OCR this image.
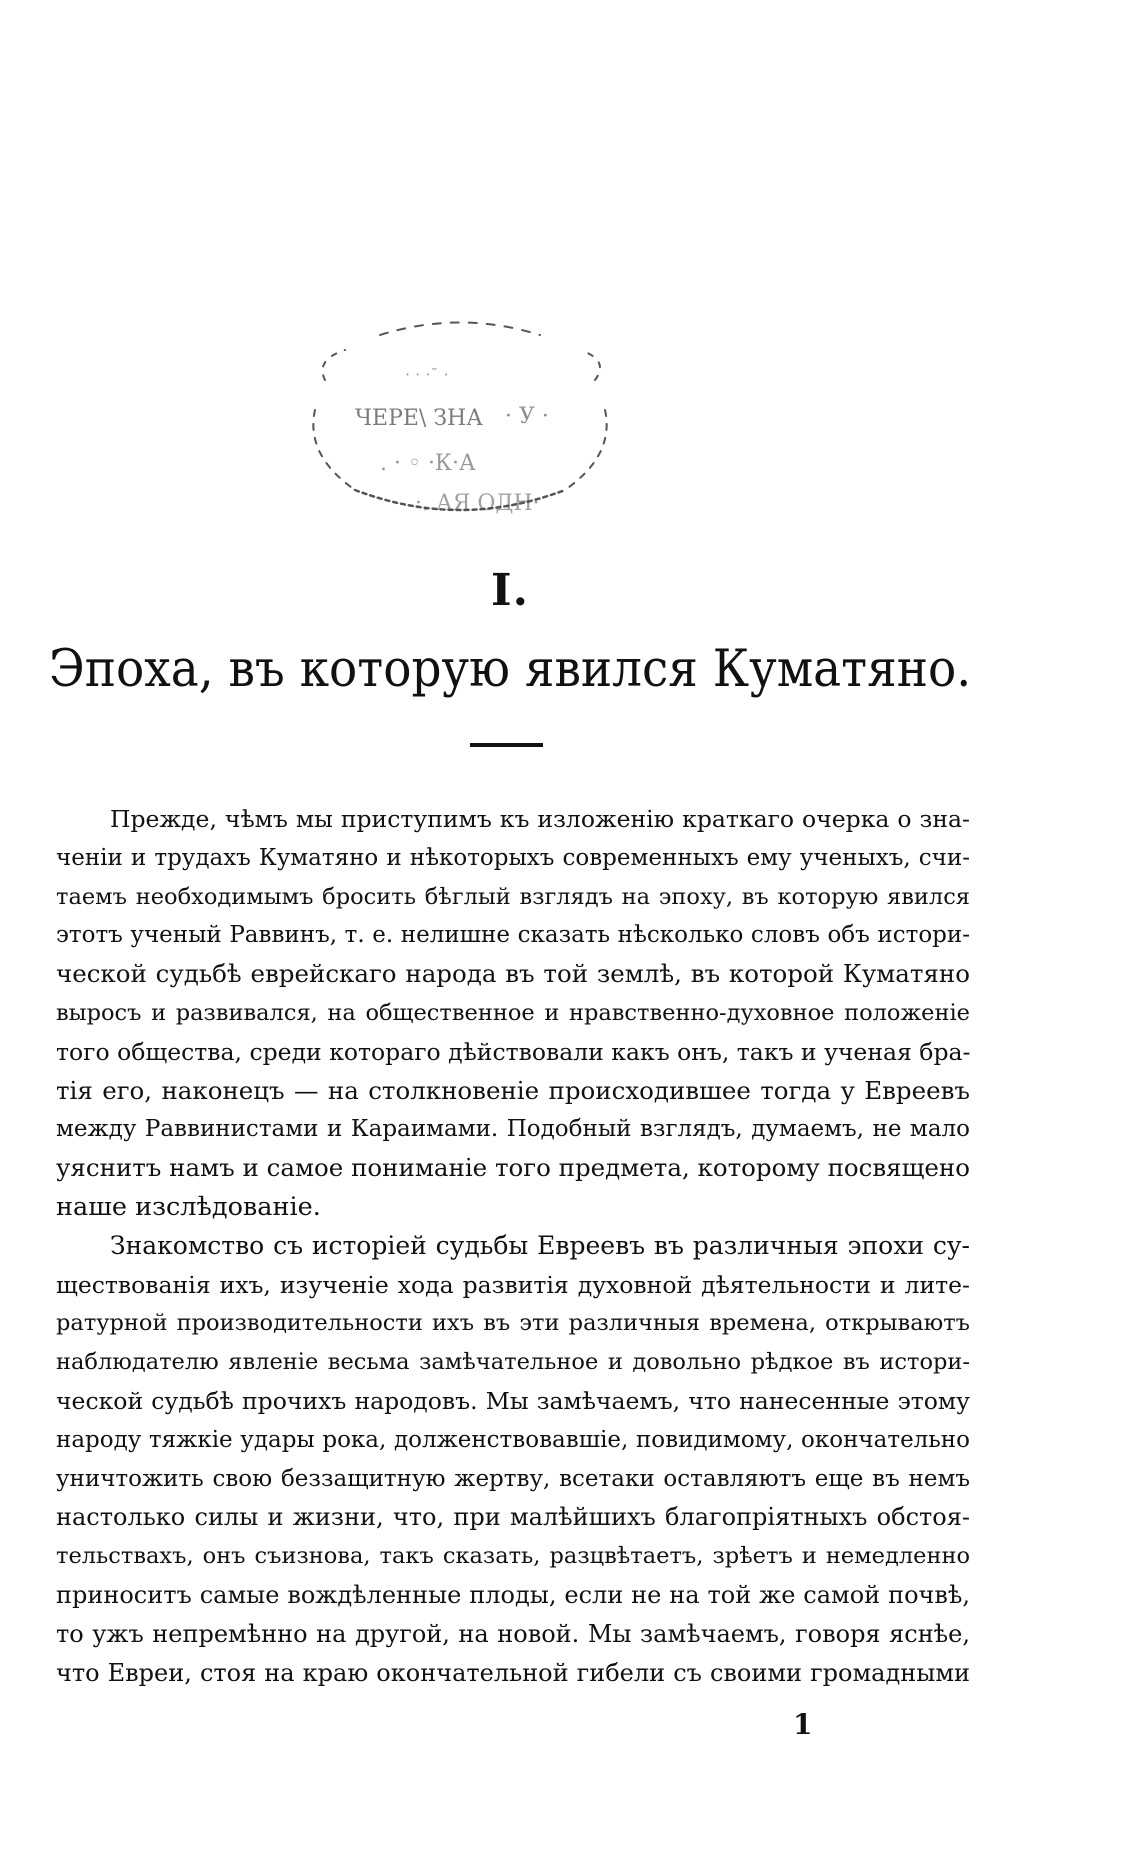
ЧЕРЕ\ ЗНА · У ·
. · ◦ ·К·А
·. АЯ ОДН·
· · ·ˉ ·
I.
Эпоха, въ которую явился Куматяно.

Прежде, чѣмъ мы приступимъ къ изложенiю краткаго очерка о зна-
ченiи и трудахъ Куматяно и нѣкоторыхъ современныхъ ему ученыхъ, счи-
таемъ необходимымъ бросить бѣглый взглядъ на эпоху, въ которую явился
этотъ ученый Раввинъ, т. е. нелишне сказать нѣсколько словъ объ истори-
ческой судьбѣ еврейскаго народа въ той землѣ, въ которой Куматяно
выросъ и развивался, на общественное и нравственно-духовное положенiе
того общества, среди котораго дѣйствовали какъ онъ, такъ и ученая бра-
тiя его, наконецъ — на столкновенiе происходившее тогда у Евреевъ
между Раввинистами и Караимами. Подобный взглядъ, думаемъ, не мало
уяснитъ намъ и самое пониманiе того предмета, которому посвящено
наше изслѣдованiе.

Знакомство съ исторiей судьбы Евреевъ въ различныя эпохи су-
ществованiя ихъ, изученiе хода развитiя духовной дѣятельности и лите-
ратурной производительности ихъ въ эти различныя времена, открываютъ
наблюдателю явленiе весьма замѣчательное и довольно рѣдкое въ истори-
ческой судьбѣ прочихъ народовъ. Мы замѣчаемъ, что нанесенные этому
народу тяжкiе удары рока, долженствовавшiе, повидимому, окончательно
уничтожить свою беззащитную жертву, всетаки оставляютъ еще въ немъ
настолько силы и жизни, что, при малѣйшихъ благопрiятныхъ обстоя-
тельствахъ, онъ съизнова, такъ сказать, разцвѣтаетъ, зрѣетъ и немедленно
приноситъ самые вождѣленные плоды, если не на той же самой почвѣ,
то ужъ непремѣнно на другой, на новой. Мы замѣчаемъ, говоря яснѣе,
что Евреи, стоя на краю окончательной гибели съ своими громадными

1
